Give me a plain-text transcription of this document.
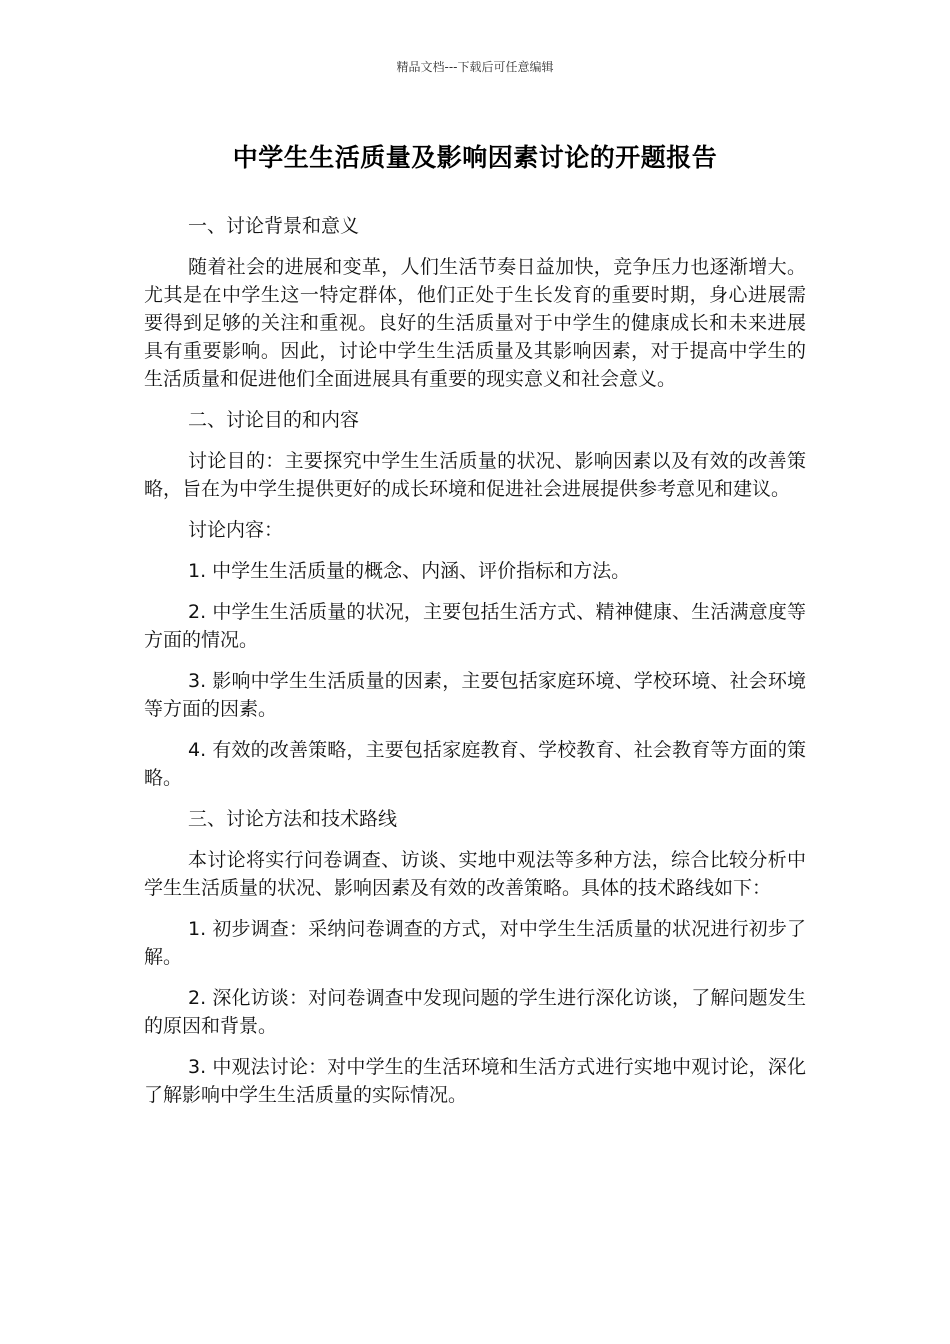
精品文档---下载后可任意编辑
中学生生活质量及影响因素讨论的开题报告

一、讨论背景和意义

随着社会的进展和变革，人们生活节奏日益加快，竞争压力也逐渐增大。尤其是在中学生这一特定群体，他们正处于生长发育的重要时期，身心进展需要得到足够的关注和重视。良好的生活质量对于中学生的健康成长和未来进展具有重要影响。因此，讨论中学生生活质量及其影响因素，对于提高中学生的生活质量和促进他们全面进展具有重要的现实意义和社会意义。

二、讨论目的和内容

讨论目的：主要探究中学生生活质量的状况、影响因素以及有效的改善策略，旨在为中学生提供更好的成长环境和促进社会进展提供参考意见和建议。

讨论内容：

1. 中学生生活质量的概念、内涵、评价指标和方法。

2. 中学生生活质量的状况，主要包括生活方式、精神健康、生活满意度等方面的情况。

3. 影响中学生生活质量的因素，主要包括家庭环境、学校环境、社会环境等方面的因素。

4. 有效的改善策略，主要包括家庭教育、学校教育、社会教育等方面的策略。

三、讨论方法和技术路线

本讨论将实行问卷调查、访谈、实地中观法等多种方法，综合比较分析中学生生活质量的状况、影响因素及有效的改善策略。具体的技术路线如下：

1. 初步调查：采纳问卷调查的方式，对中学生生活质量的状况进行初步了解。

2. 深化访谈：对问卷调查中发现问题的学生进行深化访谈，了解问题发生的原因和背景。

3. 中观法讨论：对中学生的生活环境和生活方式进行实地中观讨论，深化了解影响中学生生活质量的实际情况。
